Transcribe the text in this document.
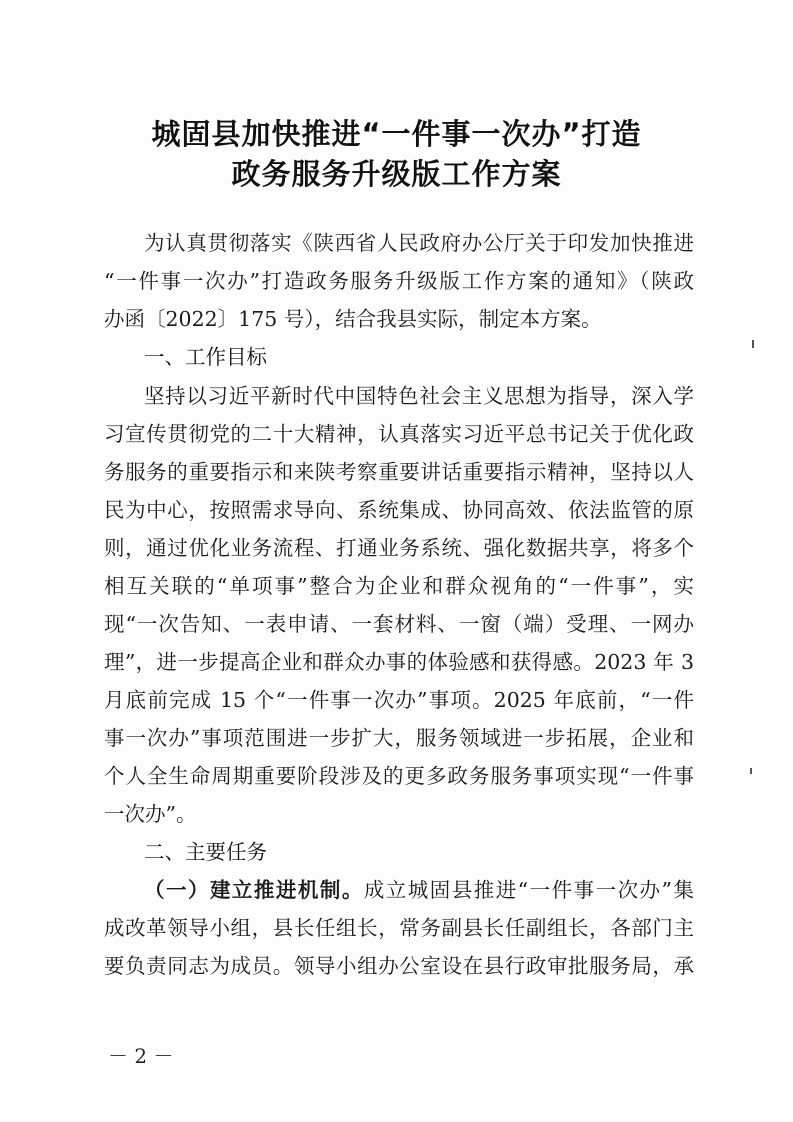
城固县加快推进“一件事一次办”打造
政务服务升级版工作方案
为认真贯彻落实《陕西省人民政府办公厅关于印发加快推进
“一件事一次办”打造政务服务升级版工作方案的通知》（陕政
办函〔2022〕175 号），结合我县实际，制定本方案。
一、工作目标
坚持以习近平新时代中国特色社会主义思想为指导，深入学
习宣传贯彻党的二十大精神，认真落实习近平总书记关于优化政
务服务的重要指示和来陕考察重要讲话重要指示精神，坚持以人
民为中心，按照需求导向、系统集成、协同高效、依法监管的原
则，通过优化业务流程、打通业务系统、强化数据共享，将多个
相互关联的“单项事”整合为企业和群众视角的“一件事”，实
现“一次告知、一表申请、一套材料、一窗（端）受理、一网办
理”，进一步提高企业和群众办事的体验感和获得感。2023 年 3
月底前完成 15 个“一件事一次办”事项。2025 年底前，“一件
事一次办”事项范围进一步扩大，服务领域进一步拓展，企业和
个人全生命周期重要阶段涉及的更多政务服务事项实现“一件事
一次办”。
二、主要任务
（一）建立推进机制。成立城固县推进“一件事一次办”集
成改革领导小组，县长任组长，常务副县长任副组长，各部门主
要负责同志为成员。领导小组办公室设在县行政审批服务局，承
－ 2 －
